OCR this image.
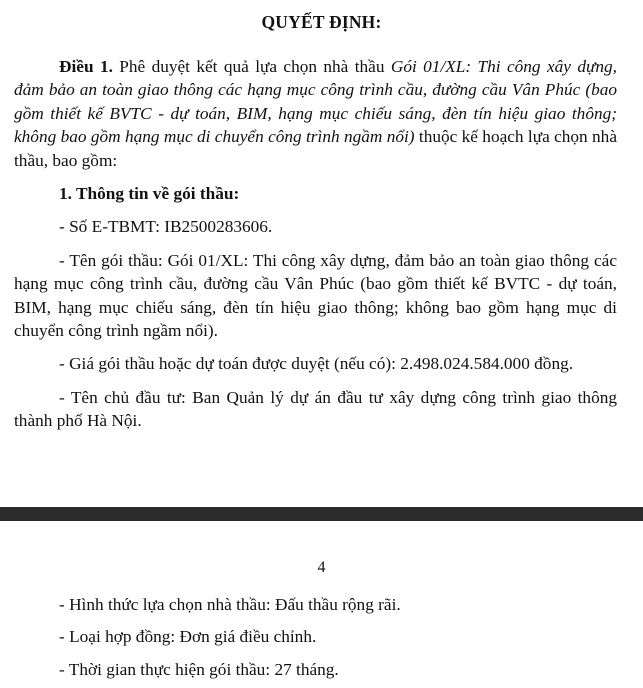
QUYẾT ĐỊNH:

Điều 1. Phê duyệt kết quả lựa chọn nhà thầu Gói 01/XL: Thi công xây dựng, đảm bảo an toàn giao thông các hạng mục công trình cầu, đường cầu Vân Phúc (bao gồm thiết kế BVTC - dự toán, BIM, hạng mục chiếu sáng, đèn tín hiệu giao thông; không bao gồm hạng mục di chuyển công trình ngầm nổi) thuộc kế hoạch lựa chọn nhà thầu, bao gồm:

1. Thông tin về gói thầu:

- Số E-TBMT: IB2500283606.

- Tên gói thầu: Gói 01/XL: Thi công xây dựng, đảm bảo an toàn giao thông các hạng mục công trình cầu, đường cầu Vân Phúc (bao gồm thiết kế BVTC - dự toán, BIM, hạng mục chiếu sáng, đèn tín hiệu giao thông; không bao gồm hạng mục di chuyển công trình ngầm nổi).

- Giá gói thầu hoặc dự toán được duyệt (nếu có): 2.498.024.584.000 đồng.

- Tên chủ đầu tư: Ban Quản lý dự án đầu tư xây dựng công trình giao thông thành phố Hà Nội.

4

- Hình thức lựa chọn nhà thầu: Đấu thầu rộng rãi.

- Loại hợp đồng: Đơn giá điều chỉnh.

- Thời gian thực hiện gói thầu: 27 tháng.
